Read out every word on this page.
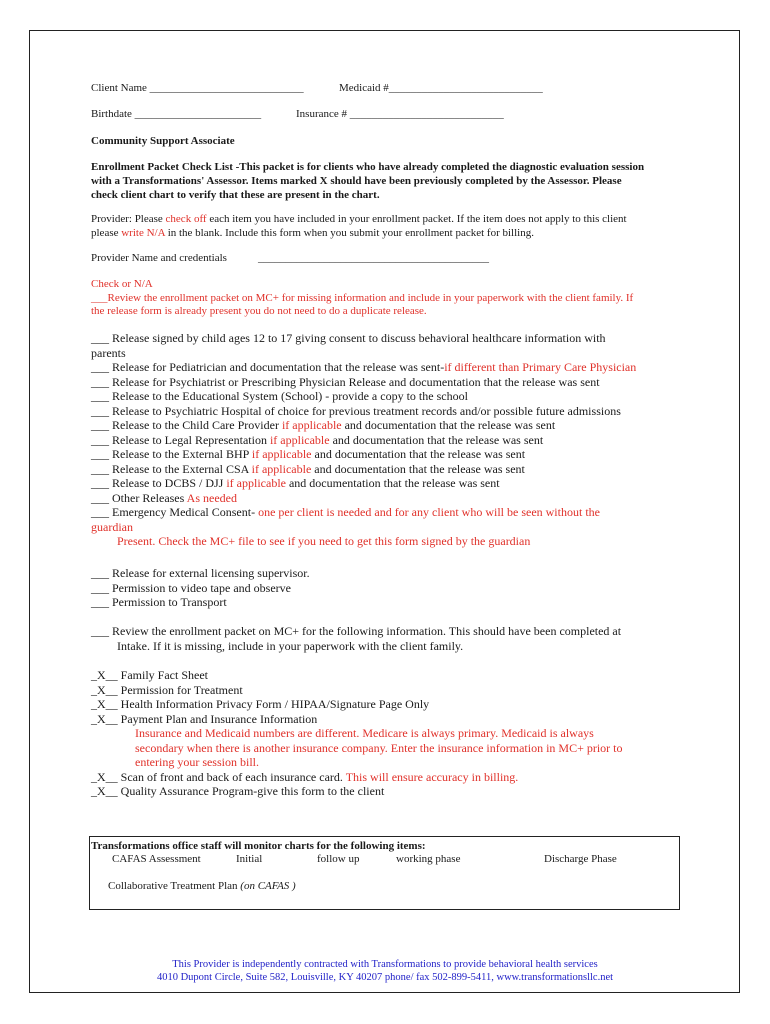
Client Name ____________________________	Medicaid #____________________________
Birthdate _______________________	Insurance # ____________________________
Community Support Associate
Enrollment Packet Check List -This packet is for clients who have already completed the diagnostic evaluation session
with a Transformations' Assessor. Items marked X should have been previously completed by the Assessor. Please
check client chart to verify that these are present in the chart.
Provider: Please check off each item you have included in your enrollment packet. If the item does not apply to this client
please write N/A in the blank. Include this form when you submit your enrollment packet for billing.
Provider Name and credentials	__________________________________________
Check or N/A
___Review the enrollment packet on MC+ for missing information and include in your paperwork with the client family. If
the release form is already present you do not need to do a duplicate release.
___ Release signed by child ages 12 to 17 giving consent to discuss behavioral healthcare information with
parents
___ Release for Pediatrician and documentation that the release was sent-if different than Primary Care Physician
___ Release for Psychiatrist or Prescribing Physician Release and documentation that the release was sent
___ Release to the Educational System (School) - provide a copy to the school
___ Release to Psychiatric Hospital of choice for previous treatment records and/or possible future admissions
___ Release to the Child Care Provider if applicable and documentation that the release was sent
___ Release to Legal Representation if applicable and documentation that the release was sent
___ Release to the External BHP if applicable and documentation that the release was sent
___ Release to the External CSA if applicable and documentation that the release was sent
___ Release to DCBS / DJJ if applicable and documentation that the release was sent
___ Other Releases As needed
___ Emergency Medical Consent- one per client is needed and for any client who will be seen without the
guardian
Present. Check the MC+ file to see if you need to get this form signed by the guardian
___ Release for external licensing supervisor.
___ Permission to video tape and observe
___ Permission to Transport
___ Review the enrollment packet on MC+ for the following information. This should have been completed at
Intake. If it is missing, include in your paperwork with the client family.
_X__ Family Fact Sheet
_X__ Permission for Treatment
_X__ Health Information Privacy Form / HIPAA/Signature Page Only
_X__ Payment Plan and Insurance Information
Insurance and Medicaid numbers are different. Medicare is always primary. Medicaid is always
secondary when there is another insurance company. Enter the insurance information in MC+ prior to
entering your session bill.
_X__ Scan of front and back of each insurance card. This will ensure accuracy in billing.
_X__ Quality Assurance Program-give this form to the client
Transformations office staff will monitor charts for the following items:
CAFAS Assessment	Initial	follow up	working phase	Discharge Phase
Collaborative Treatment Plan (on CAFAS )
This Provider is independently contracted with Transformations to provide behavioral health services
4010 Dupont Circle, Suite 582, Louisville, KY 40207 phone/ fax 502-899-5411, www.transformationsllc.net
